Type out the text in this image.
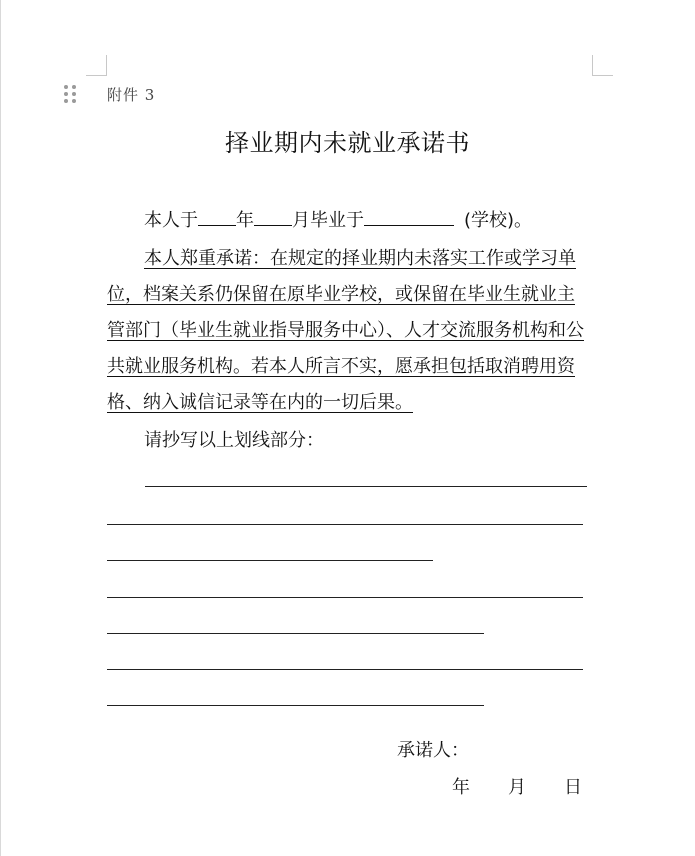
附件 3
择业期内未就业承诺书
本人于 年 月毕业于	(学校)。
本人郑重承诺：在规定的择业期内未落实工作或学习单位，档案关系仍保留在原毕业学校，或保留在毕业生就业主管部门（毕业生就业指导服务中心）、人才交流服务机构和公共就业服务机构。若本人所言不实，愿承担包括取消聘用资格、纳入诚信记录等在内的一切后果。
请抄写以上划线部分：
承诺人：
年 月 日
